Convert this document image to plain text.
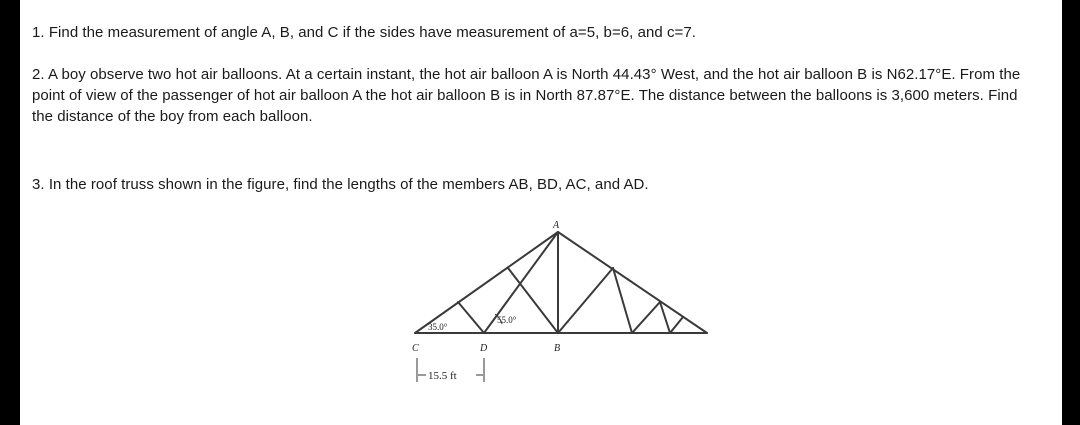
1. Find the measurement of angle A, B, and C if the sides have measurement of a=5, b=6, and c=7.

2. A boy observe two hot air balloons. At a certain instant, the hot air balloon A is North 44.43° West, and the hot air balloon B is N62.17°E. From the point of view of the passenger of hot air balloon A the hot air balloon B is in North 87.87°E. The distance between the balloons is 3,600 meters. Find the distance of the boy from each balloon.

3. In the roof truss shown in the figure, find the lengths of the members AB, BD, AC, and AD.

35.0°
55.0°
A
B
C	D
15.5 ft
